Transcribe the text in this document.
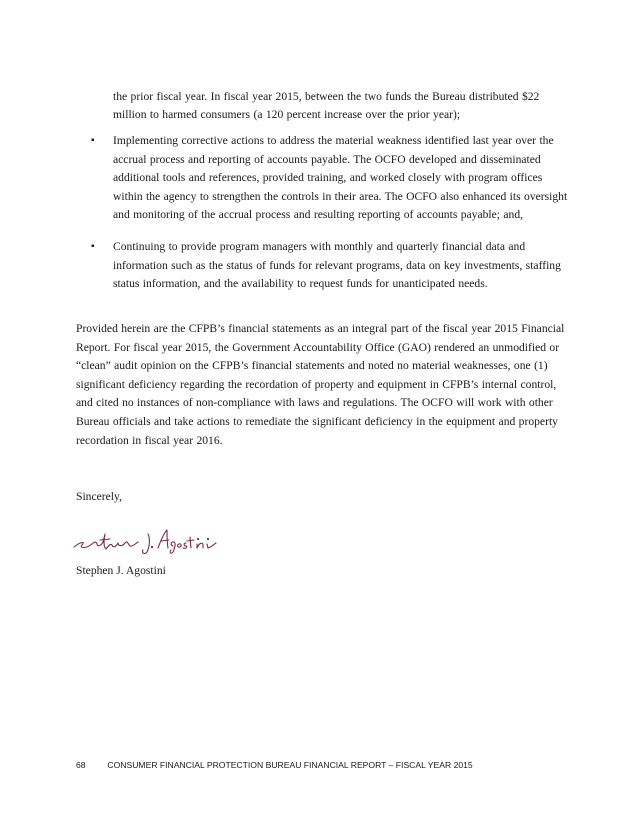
the prior fiscal year. In fiscal year 2015, between the two funds the Bureau distributed $22 million to harmed consumers (a 120 percent increase over the prior year);

▪ Implementing corrective actions to address the material weakness identified last year over the accrual process and reporting of accounts payable. The OCFO developed and disseminated additional tools and references, provided training, and worked closely with program offices within the agency to strengthen the controls in their area. The OCFO also enhanced its oversight and monitoring of the accrual process and resulting reporting of accounts payable; and,
▪ Continuing to provide program managers with monthly and quarterly financial data and information such as the status of funds for relevant programs, data on key investments, staffing status information, and the availability to request funds for unanticipated needs.

Provided herein are the CFPB’s financial statements as an integral part of the fiscal year 2015 Financial Report. For fiscal year 2015, the Government Accountability Office (GAO) rendered an unmodified or “clean” audit opinion on the CFPB’s financial statements and noted no material weaknesses, one (1) significant deficiency regarding the recordation of property and equipment in CFPB’s internal control, and cited no instances of non-compliance with laws and regulations. The OCFO will work with other Bureau officials and take actions to remediate the significant deficiency in the equipment and property recordation in fiscal year 2016.

Sincerely,

Stephen J. Agostini

68	CONSUMER FINANCIAL PROTECTION BUREAU FINANCIAL REPORT – FISCAL YEAR 2015
